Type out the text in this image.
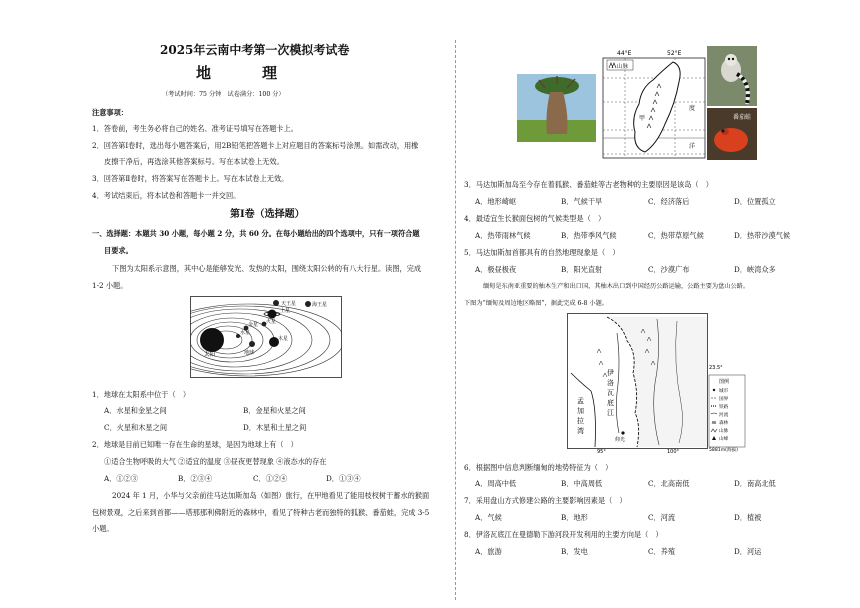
2025年云南中考第一次模拟考试卷
地　理
（考试时间：75 分钟　试卷满分：100 分）
注意事项：
1．答卷前，考生务必将自己的姓名、准考证号填写在答题卡上。
2．回答第Ⅰ卷时，选出每小题答案后，用2B铅笔把答题卡上对应题目的答案标号涂黑。如需改动，用橡
皮擦干净后，再选涂其他答案标号。写在本试卷上无效。
3．回答第Ⅱ卷时，将答案写在答题卡上。写在本试卷上无效。
4．考试结束后，将本试卷和答题卡一并交回。
第Ⅰ卷（选择题）
一、选择题：本题共 30 小题，每小题 2 分，共 60 分。在每小题给出的四个选项中，只有一项符合题
目要求。
下图为太阳系示意图，其中心是能够发光、发热的太阳，围绕太阳公转的有八大行星。读图，完成
1-2 小题。
太阳
水星
金星
地球
火星
木星
土星
天王星	海王星
1．地球在太阳系中位于（　）
A．水星和金星之间	B．金星和火星之间
C．火星和木星之间	D．木星和土星之间
2．地球是目前已知唯一存在生命的星球，是因为地球上有（　）
①适合生物呼吸的大气 ②适宜的温度 ③昼夜更替现象 ④液态水的存在
A．①②③	B．②③④	C．①②④	D．①③④
2024 年 1 月，小华与父亲前往马达加斯加岛（如图）旅行，在甲地看见了能用枝杈树干蓄水的猴面
包树景观，之后来到首都——塔那那利佛附近的森林中，看见了特种古老而独特的狐猴、番茄蛙，完成 3-5
小题。
44°E	52°E
山脉
甲
度
洋
番茄蛙
3．马达加斯加岛至今存在着狐猴、番茄蛙等古老物种的主要原因是该岛（　）
A．地形崎岖	B．气候干旱	C．经济落后	D．位置孤立
4．最适宜生长猴面包树的气候类型是（　）
A．热带雨林气候	B．热带季风气候	C．热带草原气候	D．热带沙漠气候
5．马达加斯加首都具有的自然地理现象是（　）
A．极昼极夜	B．阳光直射	C．沙漠广布	D．峡湾众多
缅甸是东南亚重要的柚木生产和出口国，其柚木出口到中国经历公路运输，公路主要为盘山公路。
下图为“缅甸及周边地区略图”，据此完成 6-8 小题。
孟
加
拉
湾
伊
洛
瓦
底
江
仰光
23.5°
95°	100°
图例
城市
国界
铁路
河流
森林
山脉
山峰
5881m(海拔)
6．根据图中信息判断缅甸的地势特征为（　）
A．周高中低	B．中高周低	C．北高南低	D．南高北低
7．采用盘山方式修建公路的主要影响因素是（　）
A．气候	B．地形	C．河流	D．植被
8．伊洛瓦底江在曼德勒下游河段开发利用的主要方向是（　）
A．旅游	B．发电	C．养殖	D．河运
